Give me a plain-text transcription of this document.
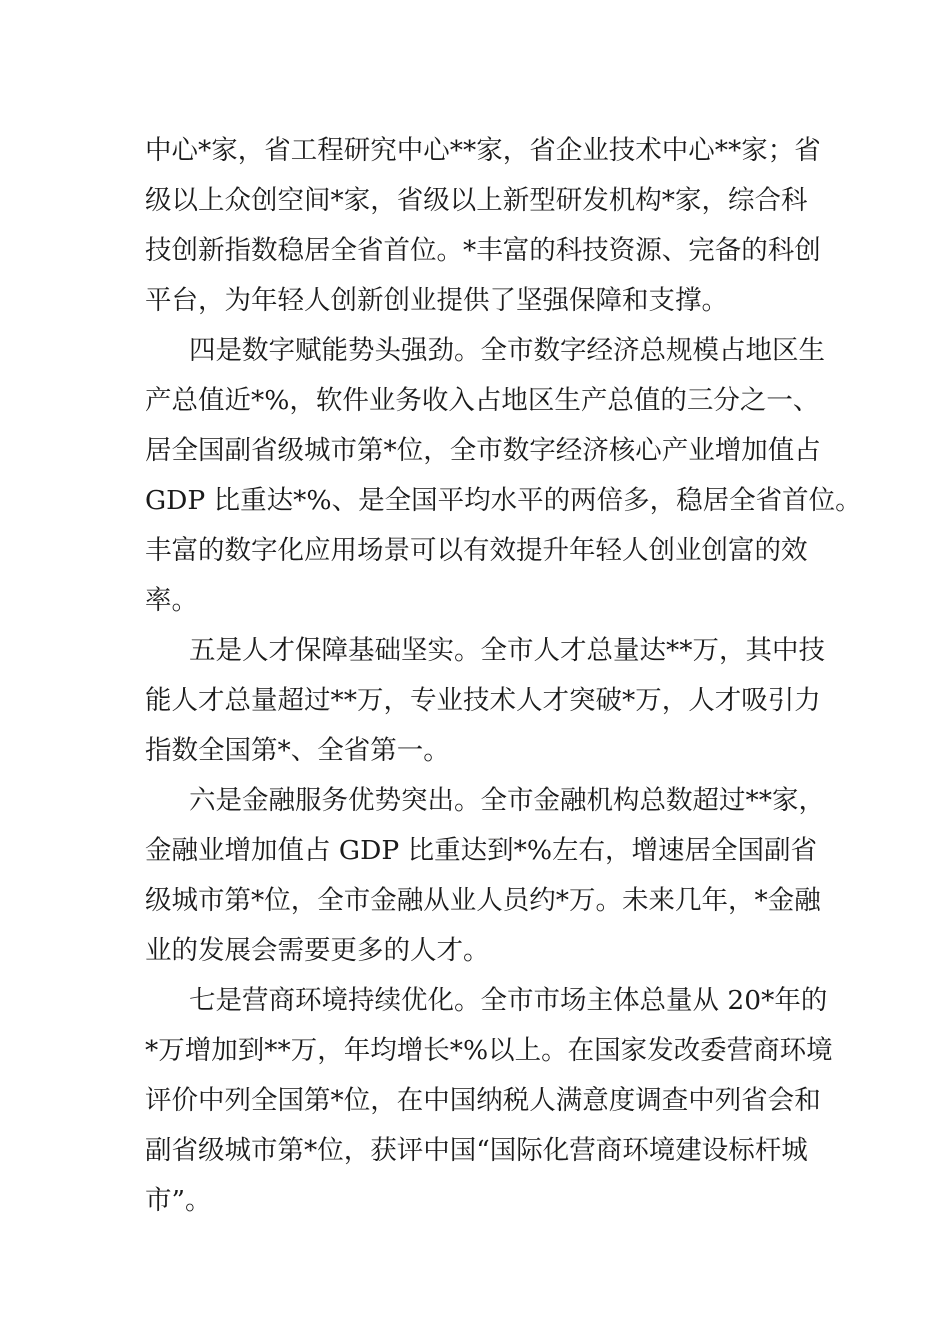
中心*家，省工程研究中心**家，省企业技术中心**家；省
级以上众创空间*家，省级以上新型研发机构*家，综合科
技创新指数稳居全省首位。*丰富的科技资源、完备的科创
平台，为年轻人创新创业提供了坚强保障和支撑。
四是数字赋能势头强劲。全市数字经济总规模占地区生
产总值近*%，软件业务收入占地区生产总值的三分之一、
居全国副省级城市第*位，全市数字经济核心产业增加值占
GDP 比重达*%、是全国平均水平的两倍多，稳居全省首位。
丰富的数字化应用场景可以有效提升年轻人创业创富的效
率。
五是人才保障基础坚实。全市人才总量达**万，其中技
能人才总量超过**万，专业技术人才突破*万，人才吸引力
指数全国第*、全省第一。
六是金融服务优势突出。全市金融机构总数超过**家，
金融业增加值占 GDP 比重达到*%左右，增速居全国副省
级城市第*位，全市金融从业人员约*万。未来几年，*金融
业的发展会需要更多的人才。
七是营商环境持续优化。全市市场主体总量从 20*年的
*万增加到**万，年均增长*%以上。在国家发改委营商环境
评价中列全国第*位，在中国纳税人满意度调查中列省会和
副省级城市第*位，获评中国“国际化营商环境建设标杆城
市”。
